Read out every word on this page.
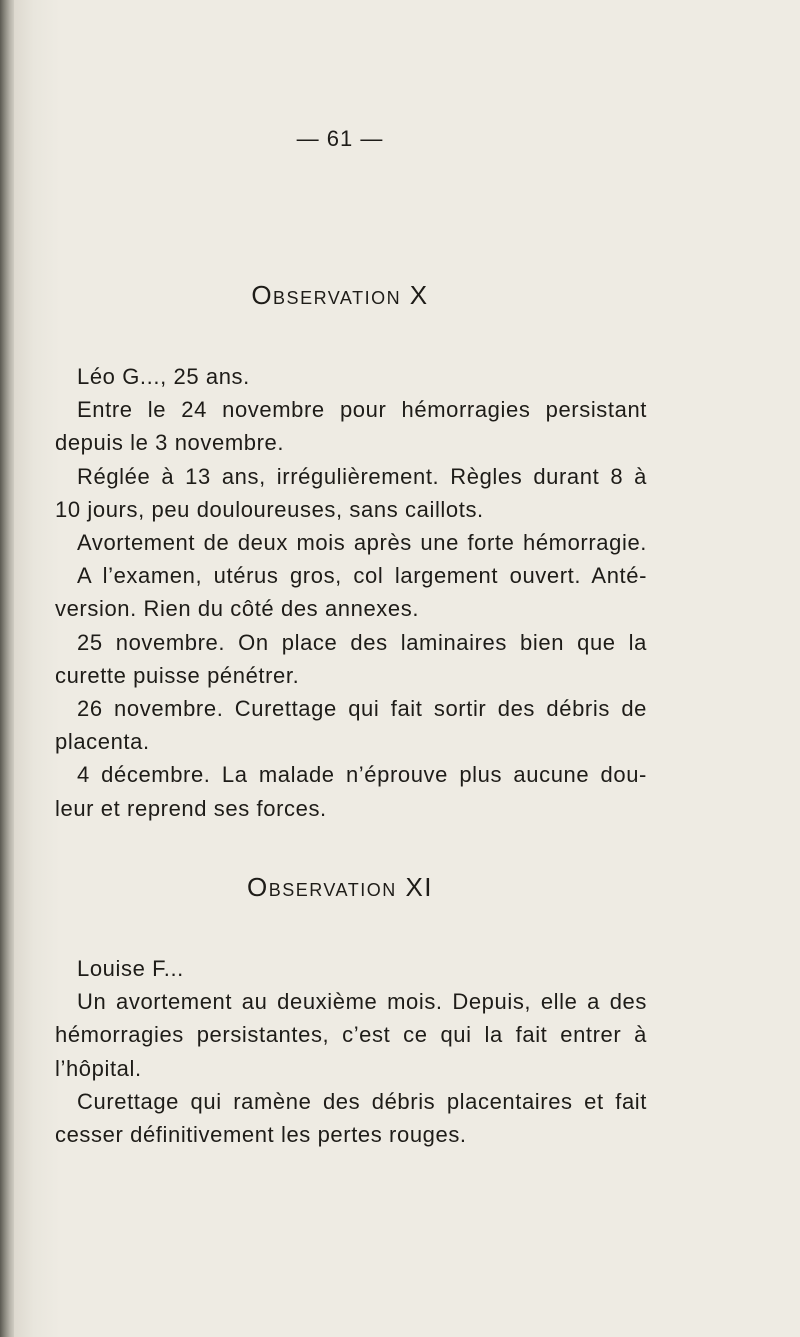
— 61 —
Observation X
Léo G..., 25 ans.
Entre le 24 novembre pour hémorragies persistant
depuis le 3 novembre.
Réglée à 13 ans, irrégulièrement. Règles durant 8 à
10 jours, peu douloureuses, sans caillots.
Avortement de deux mois après une forte hémorragie.
A l’examen, utérus gros, col largement ouvert. Anté-
version. Rien du côté des annexes.
25 novembre. On place des laminaires bien que la
curette puisse pénétrer.
26 novembre. Curettage qui fait sortir des débris de
placenta.
4 décembre. La malade n’éprouve plus aucune dou-
leur et reprend ses forces.
Observation XI
Louise F...
Un avortement au deuxième mois. Depuis, elle a des
hémorragies persistantes, c’est ce qui la fait entrer à
l’hôpital.
Curettage qui ramène des débris placentaires et fait
cesser définitivement les pertes rouges.
